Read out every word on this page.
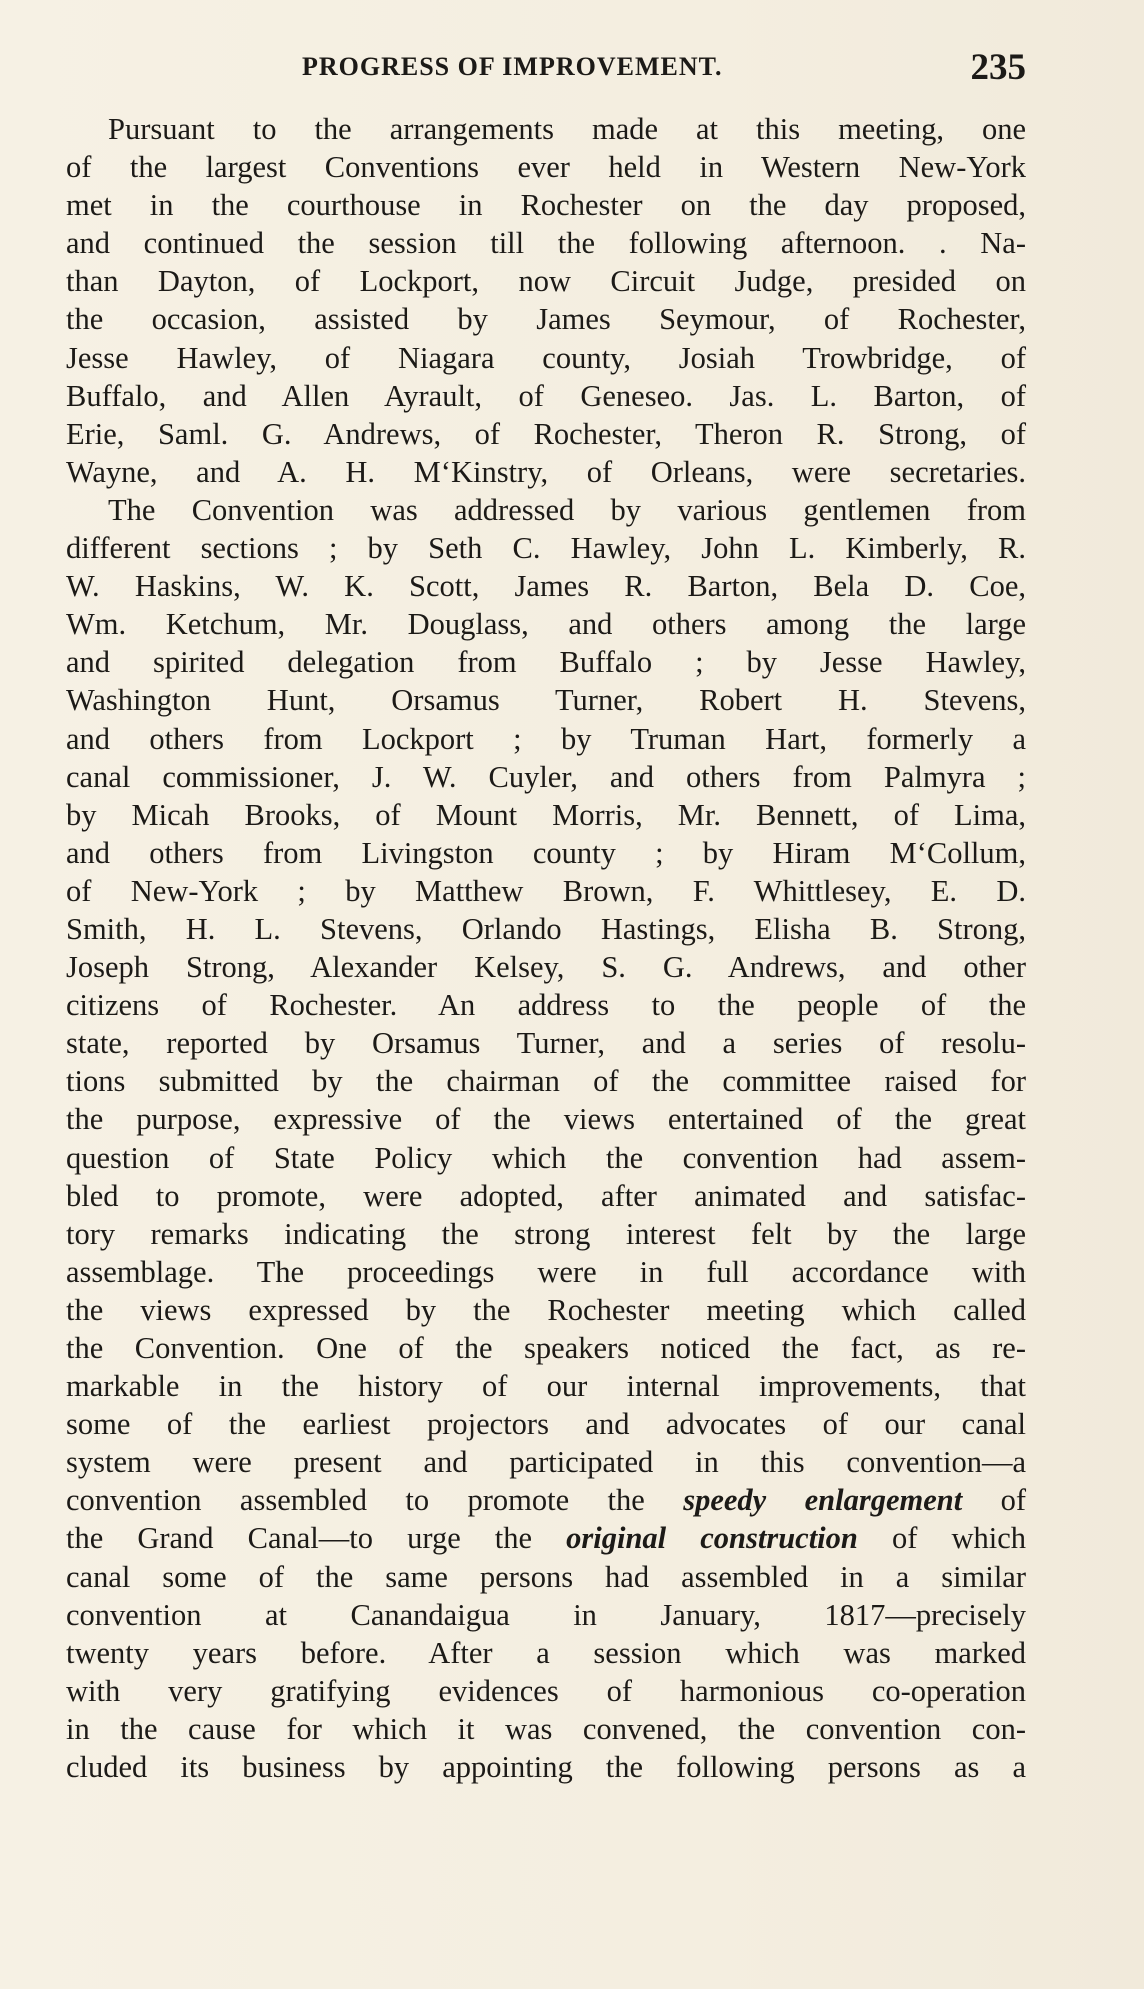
PROGRESS OF IMPROVEMENT.	235
Pursuant to the arrangements made at this meeting, one
of the largest Conventions ever held in Western New-York
met in the courthouse in Rochester on the day proposed,
and continued the session till the following afternoon. . Na-
than Dayton, of Lockport, now Circuit Judge, presided on
the occasion, assisted by James Seymour, of Rochester,
Jesse Hawley, of Niagara county, Josiah Trowbridge, of
Buffalo, and Allen Ayrault, of Geneseo. Jas. L. Barton, of
Erie, Saml. G. Andrews, of Rochester, Theron R. Strong, of
Wayne, and A. H. M‘Kinstry, of Orleans, were secretaries.
The Convention was addressed by various gentlemen from
different sections ; by Seth C. Hawley, John L. Kimberly, R.
W. Haskins, W. K. Scott, James R. Barton, Bela D. Coe,
Wm. Ketchum, Mr. Douglass, and others among the large
and spirited delegation from Buffalo ; by Jesse Hawley,
Washington Hunt, Orsamus Turner, Robert H. Stevens,
and others from Lockport ; by Truman Hart, formerly a
canal commissioner, J. W. Cuyler, and others from Palmyra ;
by Micah Brooks, of Mount Morris, Mr. Bennett, of Lima,
and others from Livingston county ; by Hiram M‘Collum,
of New-York ; by Matthew Brown, F. Whittlesey, E. D.
Smith, H. L. Stevens, Orlando Hastings, Elisha B. Strong,
Joseph Strong, Alexander Kelsey, S. G. Andrews, and other
citizens of Rochester. An address to the people of the
state, reported by Orsamus Turner, and a series of resolu-
tions submitted by the chairman of the committee raised for
the purpose, expressive of the views entertained of the great
question of State Policy which the convention had assem-
bled to promote, were adopted, after animated and satisfac-
tory remarks indicating the strong interest felt by the large
assemblage. The proceedings were in full accordance with
the views expressed by the Rochester meeting which called
the Convention. One of the speakers noticed the fact, as re-
markable in the history of our internal improvements, that
some of the earliest projectors and advocates of our canal
system were present and participated in this convention—a
convention assembled to promote the speedy enlargement of
the Grand Canal—to urge the original construction of which
canal some of the same persons had assembled in a similar
convention at Canandaigua in January, 1817—precisely
twenty years before. After a session which was marked
with very gratifying evidences of harmonious co-operation
in the cause for which it was convened, the convention con-
cluded its business by appointing the following persons as a
